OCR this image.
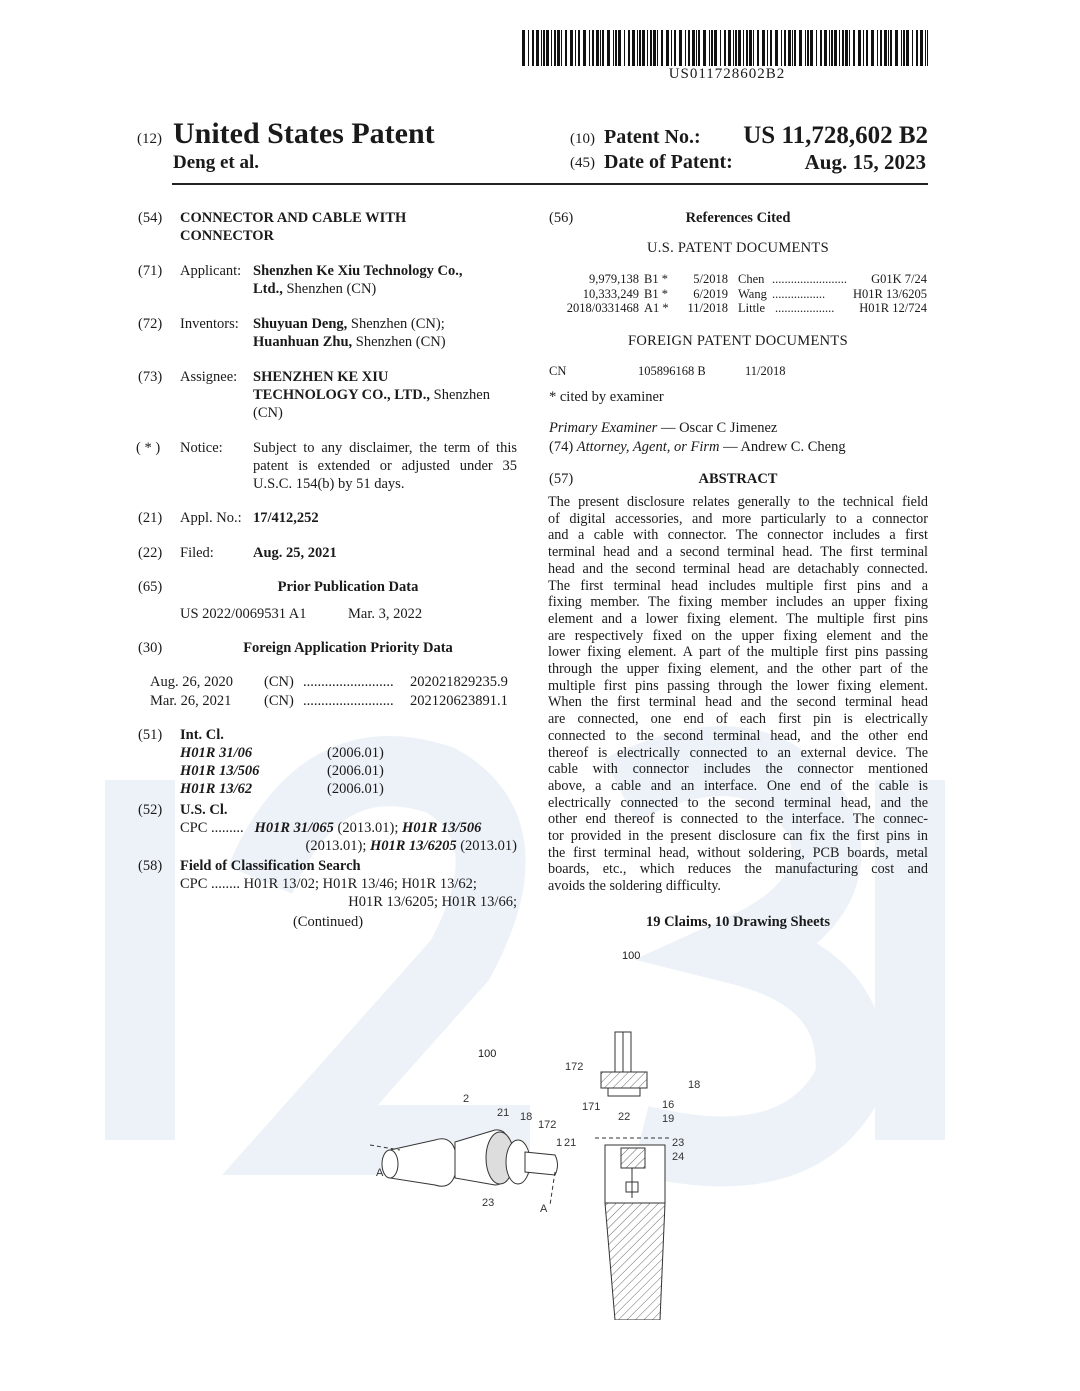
US011728602B2
(12) United States Patent
Deng et al.
(10) Patent No.:	US 11,728,602 B2
(45) Date of Patent:	Aug. 15, 2023
(54) CONNECTOR AND CABLE WITH
CONNECTOR
(71) Applicant: Shenzhen Ke Xiu Technology Co.,
Ltd., Shenzhen (CN)
(72) Inventors: Shuyuan Deng, Shenzhen (CN);
Huanhuan Zhu, Shenzhen (CN)
(73) Assignee: SHENZHEN KE XIU
TECHNOLOGY CO., LTD., Shenzhen
(CN)
( * ) Notice: Subject to any disclaimer, the term of this
patent is extended or adjusted under 35
U.S.C. 154(b) by 51 days.
(21) Appl. No.: 17/412,252
(22) Filed:	Aug. 25, 2021
(65)	Prior Publication Data
US 2022/0069531 A1	Mar. 3, 2022
(30)	Foreign Application Priority Data
(51) Int. Cl.
(52) U.S. Cl.
CPC ......... H01R 31/065 (2013.01); H01R 13/506
(2013.01); H01R 13/6205 (2013.01)
(58) Field of Classification Search
CPC ........ H01R 13/02; H01R 13/46; H01R 13/62;
H01R 13/6205; H01R 13/66;
(Continued)
(56)	References Cited
U.S. PATENT DOCUMENTS
FOREIGN PATENT DOCUMENTS
CN	105896168 B	11/2018
* cited by examiner
Primary Examiner — Oscar C Jimenez
(74) Attorney, Agent, or Firm — Andrew C. Cheng
(57)	ABSTRACT
19 Claims, 10 Drawing Sheets
172
18
171	16
19
22
23
24
2
21 18
172
1 21
23
A
A
100
100
Aug. 26, 2020 (CN) ......................... 202021829235.9
Mar. 26, 2021 (CN) ......................... 202120623891.1
H01R 31/06	(2006.01)
H01R 13/506	(2006.01)
H01R 13/62	(2006.01)
9,979,138 B1 *	5/2018 Chen ........................	G01K 7/24
10,333,249 B1 *	6/2019 Wang .................	H01R 13/6205
2018/0331468 A1 * 11/2018 Little ...................	H01R 12/724
The present disclosure relates generally to the technical field
of digital accessories, and more particularly to a connector
and a cable with connector. The connector includes a first
terminal head and a second terminal head. The first terminal
head and the second terminal head are detachably connected.
The first terminal head includes multiple first pins and a
fixing member. The fixing member includes an upper fixing
element and a lower fixing element. The multiple first pins
are respectively fixed on the upper fixing element and the
lower fixing element. A part of the multiple first pins passing
through the upper fixing element, and the other part of the
multiple first pins passing through the lower fixing element.
When the first terminal head and the second terminal head
are connected, one end of each first pin is electrically
connected to the second terminal head, and the other end
thereof is electrically connected to an external device. The
cable with connector includes the connector mentioned
above, a cable and an interface. One end of the cable is
electrically connected to the second terminal head, and the
other end thereof is connected to the interface. The connec-
tor provided in the present disclosure can fix the first pins in
the first terminal head, without soldering, PCB boards, metal
boards, etc., which reduces the manufacturing cost and
avoids the soldering difficulty.
